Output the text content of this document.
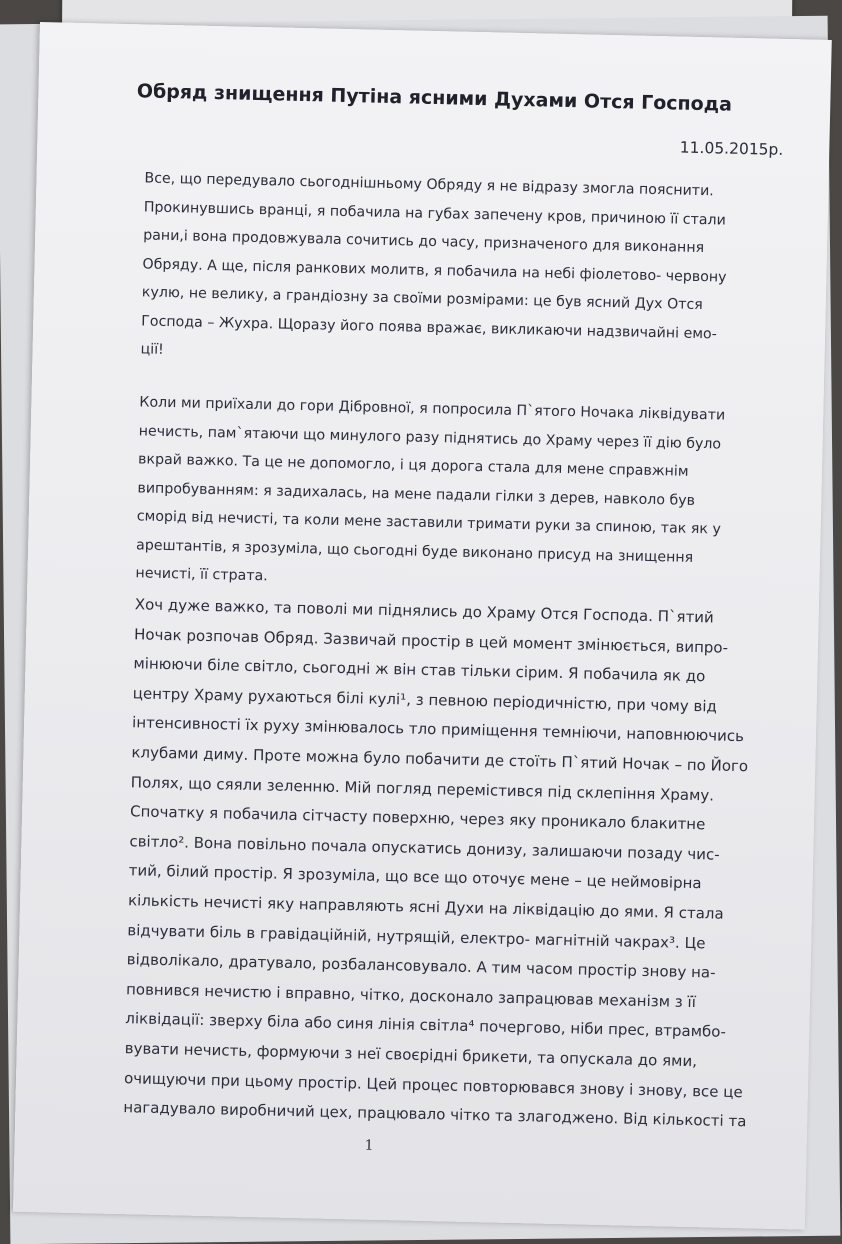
Обряд знищення Путіна ясними Духами Отся Господа

11.05.2015р.

Все, що передувало сьогоднішньому Обряду я не відразу змогла пояснити.
Прокинувшись вранці, я побачила на губах запечену кров, причиною її стали
рани,і вона продовжувала сочитись до часу, призначеного для виконання
Обряду. А ще, після ранкових молитв, я побачила на небі фіолетово- червону
кулю, не велику, а грандіозну за своїми розмірами: це був ясний Дух Отся
Господа – Жухра. Щоразу його поява вражає, викликаючи надзвичайні емо-
ції!

Коли ми приїхали до гори Дібровної, я попросила П`ятого Ночака ліквідувати
нечисть, пам`ятаючи що минулого разу піднятись до Храму через її дію було
вкрай важко. Та це не допомогло, і ця дорога стала для мене справжнім
випробуванням: я задихалась, на мене падали гілки з дерев, навколо був
сморід від нечисті, та коли мене заставили тримати руки за спиною, так як у
арештантів, я зрозуміла, що сьогодні буде виконано присуд на знищення
нечисті, її страта.

Хоч дуже важко, та поволі ми піднялись до Храму Отся Господа. П`ятий
Ночак розпочав Обряд. Зазвичай простір в цей момент змінюється, випро-
мінюючи біле світло, сьогодні ж він став тільки сірим. Я побачила як до
центру Храму рухаються білі кулі¹, з певною періодичністю, при чому від
інтенсивності їх руху змінювалось тло приміщення темніючи, наповнюючись
клубами диму. Проте можна було побачити де стоїть П`ятий Ночак – по Його
Полях, що сяяли зеленню. Мій погляд перемістився під склепіння Храму.
Спочатку я побачила сітчасту поверхню, через яку проникало блакитне
світло². Вона повільно почала опускатись донизу, залишаючи позаду чис-
тий, білий простір. Я зрозуміла, що все що оточує мене – це неймовірна
кількість нечисті яку направляють ясні Духи на ліквідацію до ями. Я стала
відчувати біль в гравідаційній, нутрящій, електро- магнітній чакрах³. Це
відволікало, дратувало, розбалансовувало. А тим часом простір знову на-
повнився нечистю і вправно, чітко, досконало запрацював механізм з її
ліквідації: зверху біла або синя лінія світла⁴ почергово, ніби прес, втрамбо-
вувати нечисть, формуючи з неї своєрідні брикети, та опускала до ями,
очищуючи при цьому простір. Цей процес повторювався знову і знову, все це
нагадувало виробничий цех, працювало чітко та злагоджено. Від кількості та

1
